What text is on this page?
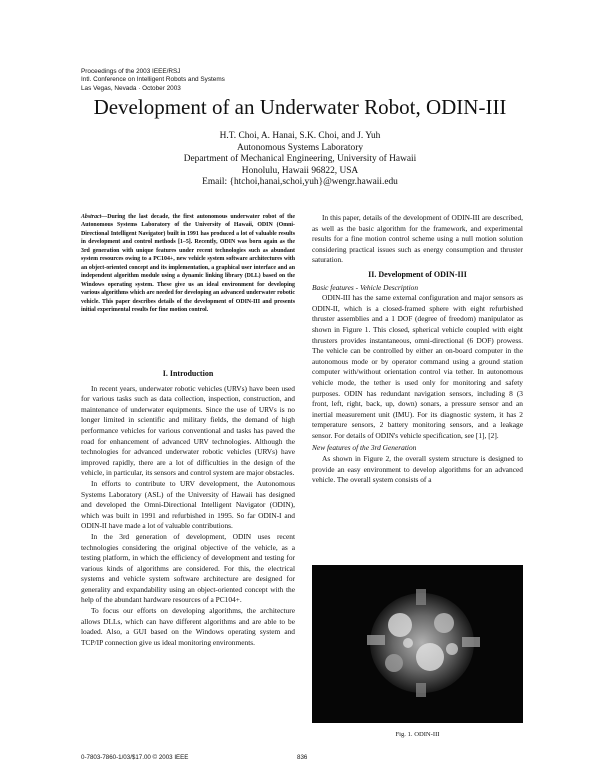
Proceedings of the 2003 IEEE/RSJ
Intl. Conference on Intelligent Robots and Systems
Las Vegas, Nevada · October 2003
Development of an Underwater Robot, ODIN-III
H.T. Choi, A. Hanai, S.K. Choi, and J. Yuh
Autonomous Systems Laboratory
Department of Mechanical Engineering, University of Hawaii
Honolulu, Hawaii 96822, USA
Email: {htchoi,hanai,schoi,yuh}@wengr.hawaii.edu
Abstract—During the last decade, the first autonomous underwater robot of the Autonomous Systems Laboratory of the University of Hawaii, ODIN (Omni-Directional Intelligent Navigator) built in 1991 has produced a lot of valuable results in development and control methods [1–5]. Recently, ODIN was born again as the 3rd generation with unique features under recent technologies such as abundant system resources owing to a PC104+, new vehicle system software architectures with an object-oriented concept and its implementation, a graphical user interface and an independent algorithm module using a dynamic linking library (DLL) based on the Windows operating system. These give us an ideal environment for developing various algorithms which are needed for developing an advanced underwater robotic vehicle. This paper describes details of the development of ODIN-III and presents initial experimental results for fine motion control.
I. Introduction

In recent years, underwater robotic vehicles (URVs) have been used for various tasks such as data collection, inspection, construction, and maintenance of underwater equipments. Since the use of URVs is no longer limited in scientific and military fields, the demand of high performance vehicles for various conventional and tasks has paved the road for enhancement of advanced URV technologies. Although the technologies for advanced underwater robotic vehicles (URVs) have improved rapidly, there are a lot of difficulties in the design of the vehicle, in particular, its sensors and control system are major obstacles.

In efforts to contribute to URV development, the Autonomous Systems Laboratory (ASL) of the University of Hawaii has designed and developed the Omni-Directional Intelligent Navigator (ODIN), which was built in 1991 and refurbished in 1995. So far ODIN-I and ODIN-II have made a lot of valuable contributions.

In the 3rd generation of development, ODIN uses recent technologies considering the original objective of the vehicle, as a testing platform, in which the efficiency of development and testing for various kinds of algorithms are considered. For this, the electrical systems and vehicle system software architecture are designed for generality and expandability using an object-oriented concept with the help of the abundant hardware resources of a PC104+.

To focus our efforts on developing algorithms, the architecture allows DLLs, which can have different algorithms and are able to be loaded. Also, a GUI based on the Windows operating system and TCP/IP connection give us ideal monitoring environments.

In this paper, details of the development of ODIN-III are described, as well as the basic algorithm for the framework, and experimental results for a fine motion control scheme using a null motion solution considering practical issues such as energy consumption and thruster saturation.

II. Development of ODIN-III
Basic features - Vehicle Description

ODIN-III has the same external configuration and major sensors as ODIN-II, which is a closed-framed sphere with eight refurbished thruster assemblies and a 1 DOF (degree of freedom) manipulator as shown in Figure 1. This closed, spherical vehicle coupled with eight thrusters provides instantaneous, omni-directional (6 DOF) prowess. The vehicle can be controlled by either an on-board computer in the autonomous mode or by operator command using a ground station computer with/without orientation control via tether. In autonomous vehicle mode, the tether is used only for monitoring and safety purposes. ODIN has redundant navigation sensors, including 8 (3 front, left, right, back, up, down) sonars, a pressure sensor and an inertial measurement unit (IMU). For its diagnostic system, it has 2 temperature sensors, 2 battery monitoring sensors, and a leakage sensor. For details of ODIN's vehicle specification, see [1], [2].

New features of the 3rd Generation

As shown in Figure 2, the overall system structure is designed to provide an easy environment to develop algorithms for an advanced vehicle. The overall system consists of a

Fig. 1. ODIN-III
0-7803-7860-1/03/$17.00 © 2003 IEEE	836
